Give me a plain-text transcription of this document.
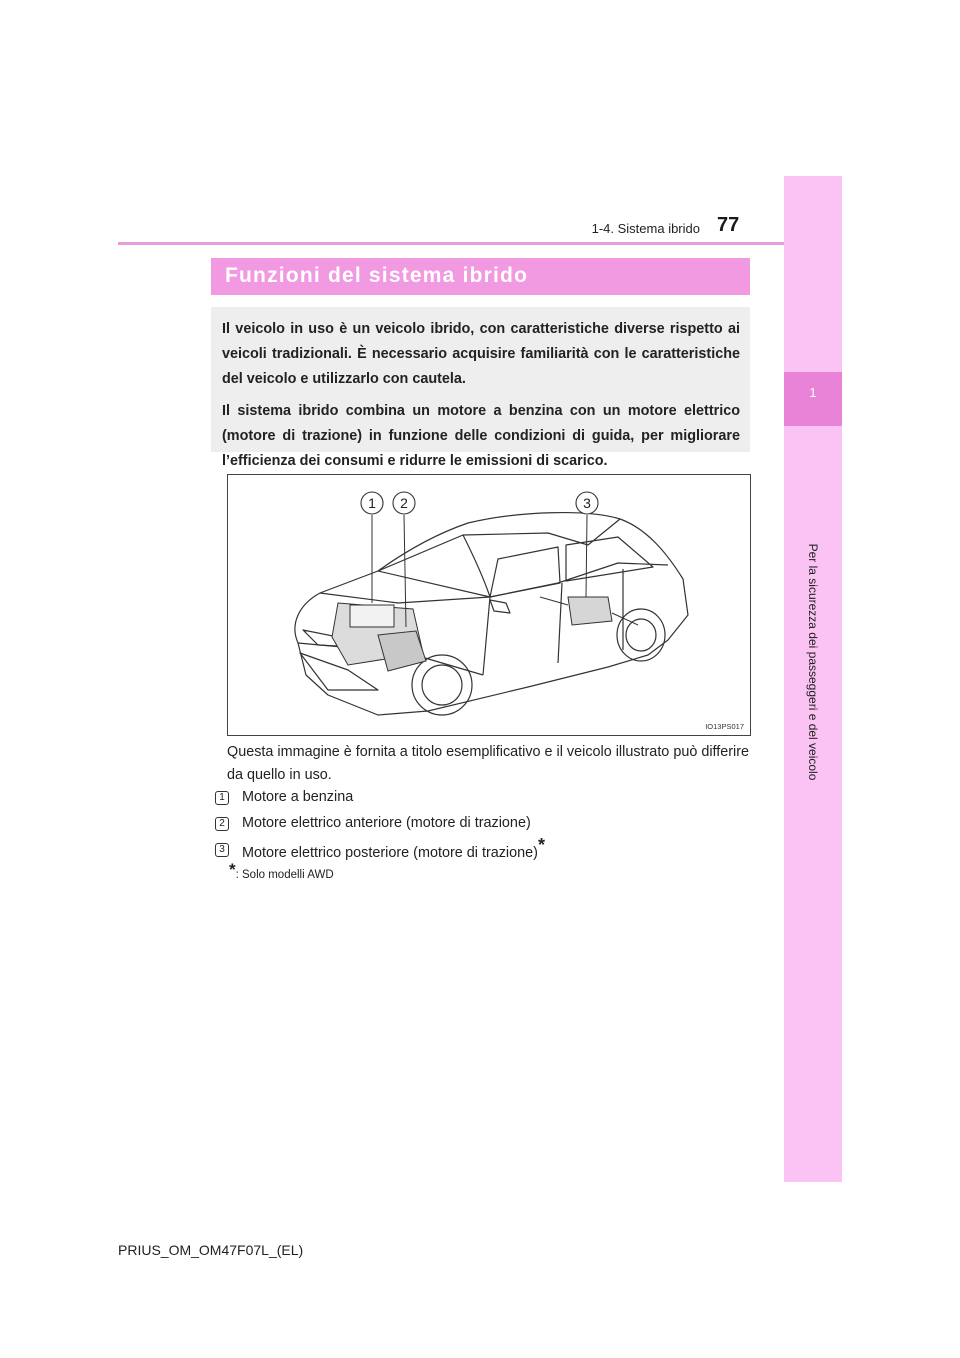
1
Per la sicurezza dei passeggeri e del veicolo
1-4. Sistema ibrido 77
Funzioni del sistema ibrido

Il veicolo in uso è un veicolo ibrido, con caratteristiche diverse rispetto ai veicoli tradizionali. È necessario acquisire familiarità con le caratteristiche del veicolo e utilizzarlo con cautela.

Il sistema ibrido combina un motore a benzina con un motore elettrico (motore di trazione) in funzione delle condizioni di guida, per migliorare l’efficienza dei consumi e ridurre le emissioni di scarico.

1 2	3
IO13PS017
Questa immagine è fornita a titolo esemplificativo e il veicolo illustrato può differire da quello in uso.
1 Motore a benzina
2 Motore elettrico anteriore (motore di trazione)
3 Motore elettrico posteriore (motore di trazione)*
*: Solo modelli AWD
PRIUS_OM_OM47F07L_(EL)
